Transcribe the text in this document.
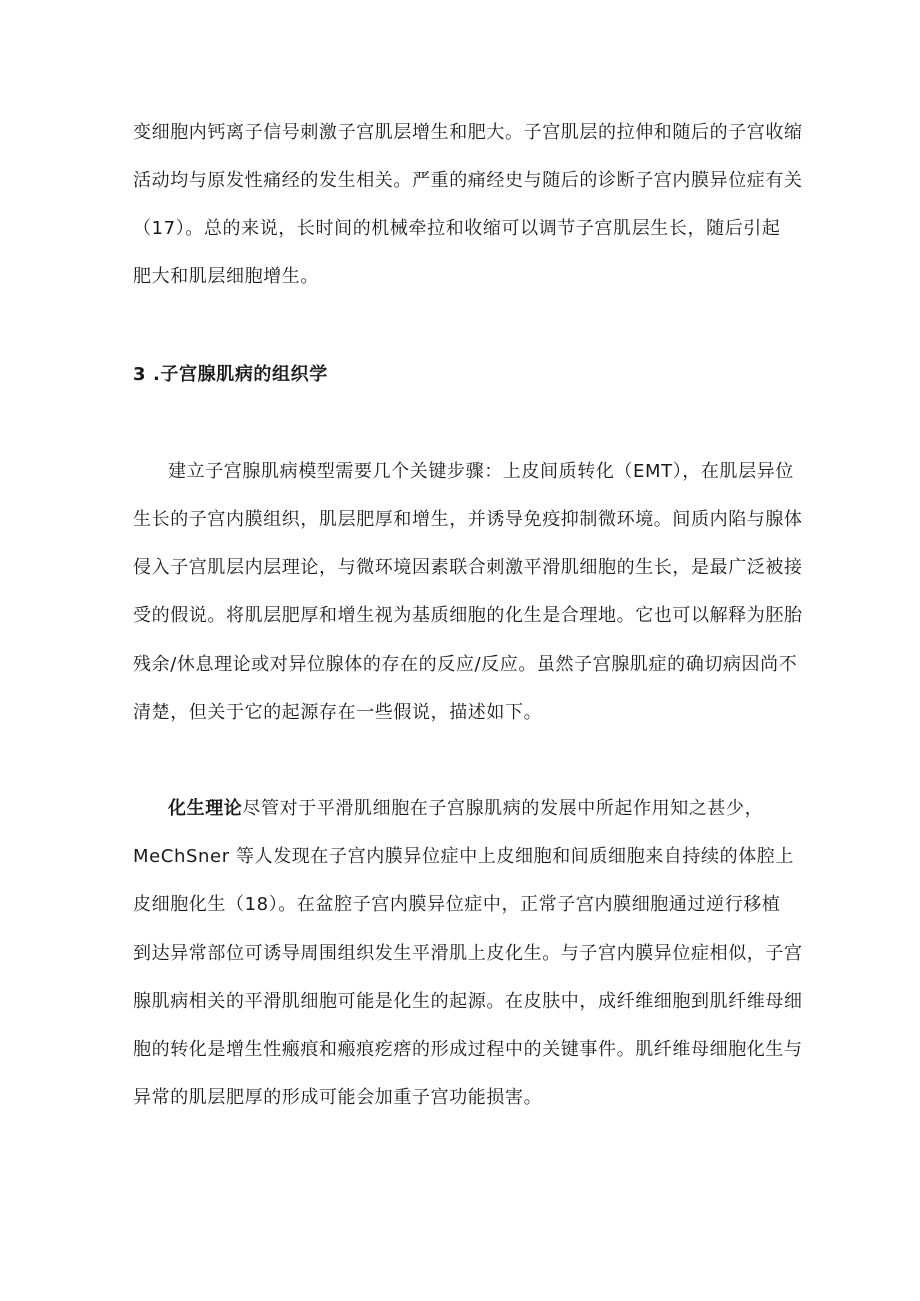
变细胞内钙离子信号刺激子宫肌层增生和肥大。子宫肌层的拉伸和随后的子宫收缩

活动均与原发性痛经的发生相关。严重的痛经史与随后的诊断子宫内膜异位症有关

（17）。总的来说，长时间的机械牵拉和收缩可以调节子宫肌层生长，随后引起

肥大和肌层细胞增生。

3 .子宫腺肌病的组织学

建立子宫腺肌病模型需要几个关键步骤：上皮间质转化（EMT），在肌层异位

生长的子宫内膜组织，肌层肥厚和增生，并诱导免疫抑制微环境。间质内陷与腺体

侵入子宫肌层内层理论，与微环境因素联合刺激平滑肌细胞的生长，是最广泛被接

受的假说。将肌层肥厚和增生视为基质细胞的化生是合理地。它也可以解释为胚胎

残余/休息理论或对异位腺体的存在的反应/反应。虽然子宫腺肌症的确切病因尚不

清楚，但关于它的起源存在一些假说，描述如下。

化生理论尽管对于平滑肌细胞在子宫腺肌病的发展中所起作用知之甚少，

MeChSner 等人发现在子宫内膜异位症中上皮细胞和间质细胞来自持续的体腔上

皮细胞化生（18）。在盆腔子宫内膜异位症中，正常子宫内膜细胞通过逆行移植

到达异常部位可诱导周围组织发生平滑肌上皮化生。与子宫内膜异位症相似，子宫

腺肌病相关的平滑肌细胞可能是化生的起源。在皮肤中，成纤维细胞到肌纤维母细

胞的转化是增生性瘢痕和瘢痕疙瘩的形成过程中的关键事件。肌纤维母细胞化生与

异常的肌层肥厚的形成可能会加重子宫功能损害。
